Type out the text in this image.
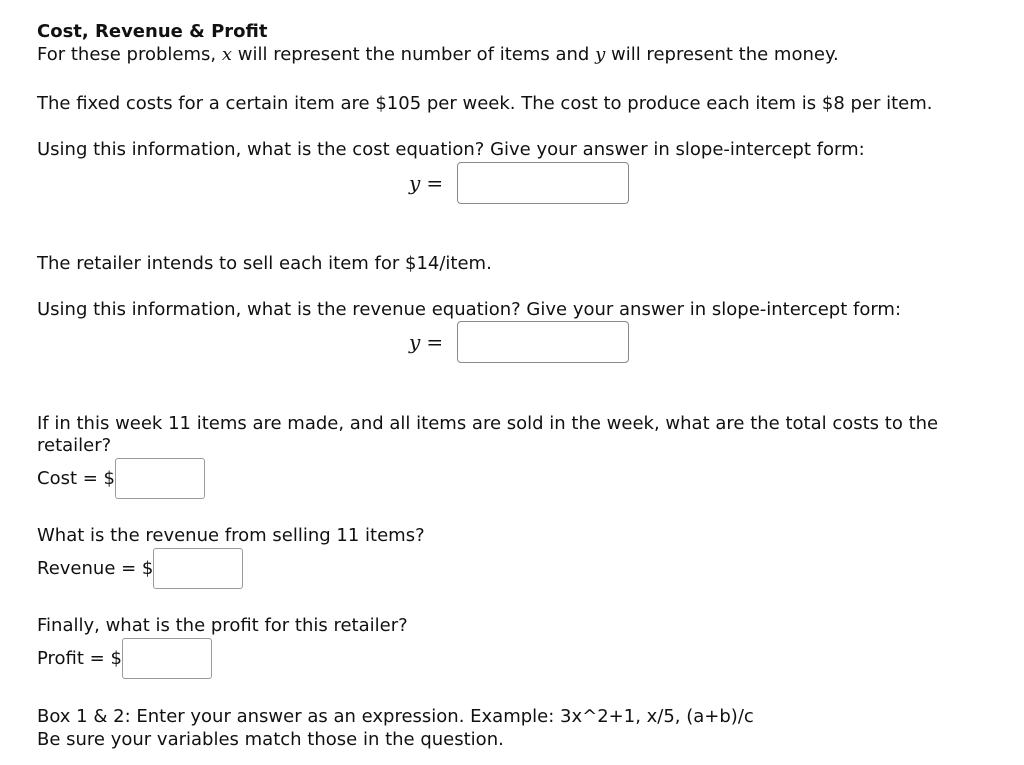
Cost, Revenue & Profit
For these problems, x will represent the number of items and y will represent the money.
The fixed costs for a certain item are $105 per week. The cost to produce each item is $8 per item.
Using this information, what is the cost equation? Give your answer in slope-intercept form:
y =
The retailer intends to sell each item for $14/item.
Using this information, what is the revenue equation? Give your answer in slope-intercept form:
y =
If in this week 11 items are made, and all items are sold in the week, what are the total costs to the
retailer?
Cost = $
What is the revenue from selling 11 items?
Revenue = $
Finally, what is the profit for this retailer?
Profit = $
Box 1 & 2: Enter your answer as an expression. Example: 3x^2+1, x/5, (a+b)/c
Be sure your variables match those in the question.
